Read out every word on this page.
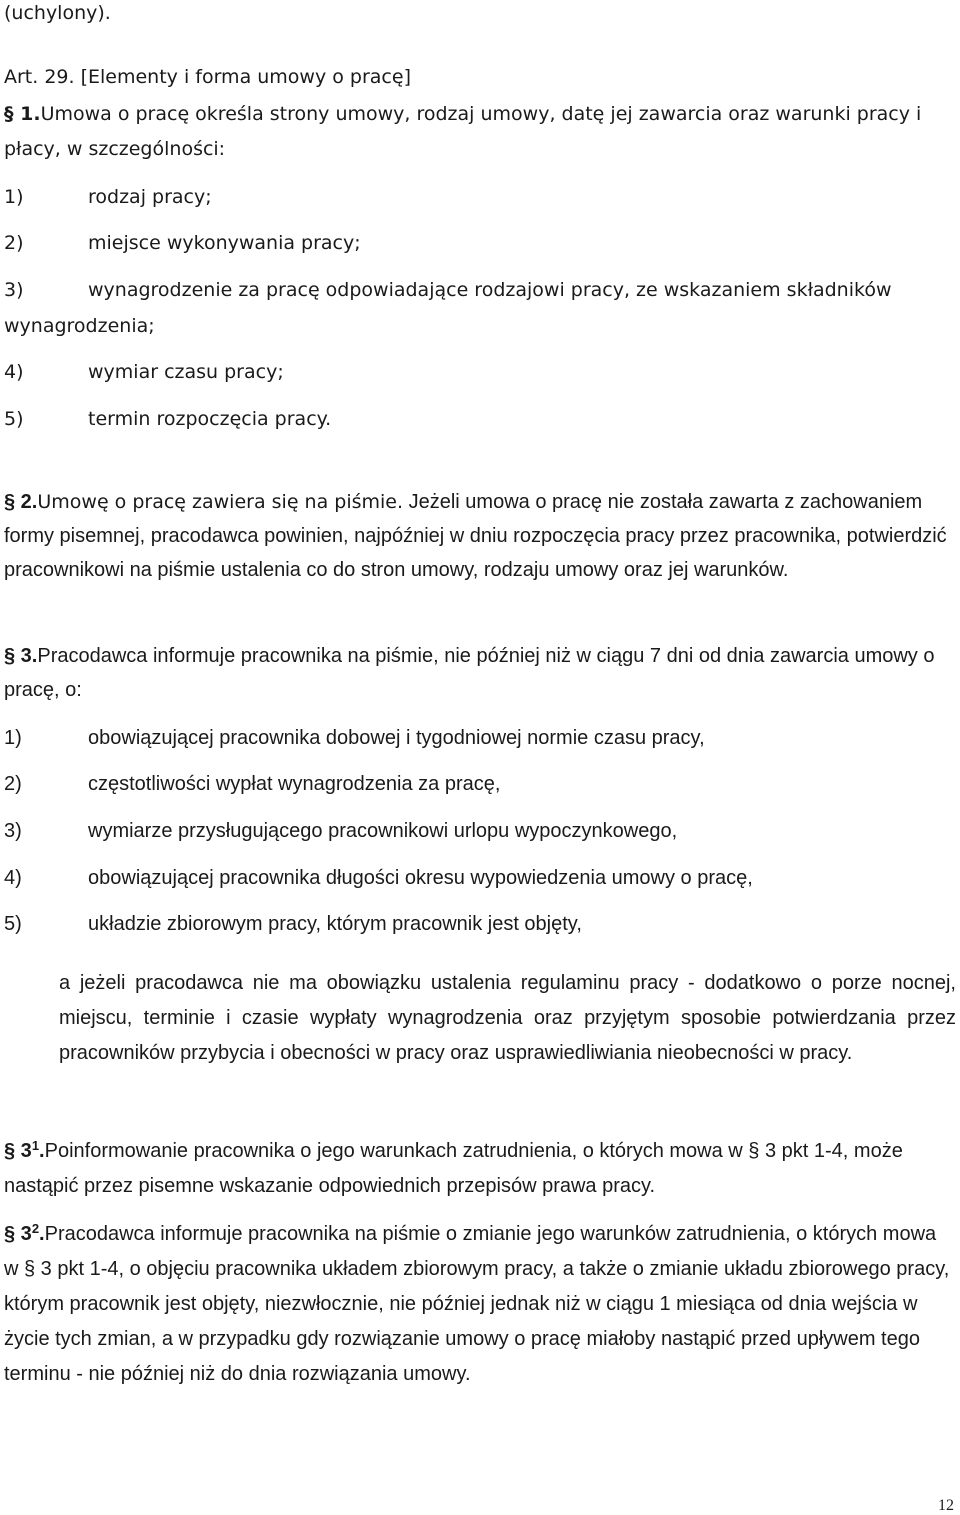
(uchylony).
Art. 29. [Elementy i forma umowy o pracę]

§ 1.Umowa o pracę określa strony umowy, rodzaj umowy, datę jej zawarcia oraz warunki pracy i płacy, w szczególności:

1)	rodzaj pracy;
2)	miejsce wykonywania pracy;
3)	wynagrodzenie za pracę odpowiadające rodzajowi pracy, ze wskazaniem składników
wynagrodzenia;
4)	wymiar czasu pracy;
5)	termin rozpoczęcia pracy.

§ 2.Umowę o pracę zawiera się na piśmie. Jeżeli umowa o pracę nie została zawarta z zachowaniem formy pisemnej, pracodawca powinien, najpóźniej w dniu rozpoczęcia pracy przez pracownika, potwierdzić pracownikowi na piśmie ustalenia co do stron umowy, rodzaju umowy oraz jej warunków.

§ 3.Pracodawca informuje pracownika na piśmie, nie później niż w ciągu 7 dni od dnia zawarcia umowy o pracę, o:

1)	obowiązującej pracownika dobowej i tygodniowej normie czasu pracy,
2)	częstotliwości wypłat wynagrodzenia za pracę,
3)	wymiarze przysługującego pracownikowi urlopu wypoczynkowego,
4)	obowiązującej pracownika długości okresu wypowiedzenia umowy o pracę,
5)	układzie zbiorowym pracy, którym pracownik jest objęty,

a jeżeli pracodawca nie ma obowiązku ustalenia regulaminu pracy - dodatkowo o porze nocnej, miejscu, terminie i czasie wypłaty wynagrodzenia oraz przyjętym sposobie potwierdzania przez pracowników przybycia i obecności w pracy oraz usprawiedliwiania nieobecności w pracy.

§ $3^1.Poinformowanie$ pracownika o jego warunkach zatrudnienia, o których mowa w § 3 pkt 1-4, może nastąpić przez pisemne wskazanie odpowiednich przepisów prawa pracy.

§ $3^2.Pracodawca$ informuje pracownika na piśmie o zmianie jego warunków zatrudnienia, o których mowa w § 3 pkt 1-4, o objęciu pracownika układem zbiorowym pracy, a także o zmianie układu zbiorowego pracy, którym pracownik jest objęty, niezwłocznie, nie później jednak niż w ciągu 1 miesiąca od dnia wejścia w życie tych zmian, a w przypadku gdy rozwiązanie umowy o pracę miałoby nastąpić przed upływem tego terminu - nie później niż do dnia rozwiązania umowy.

12
